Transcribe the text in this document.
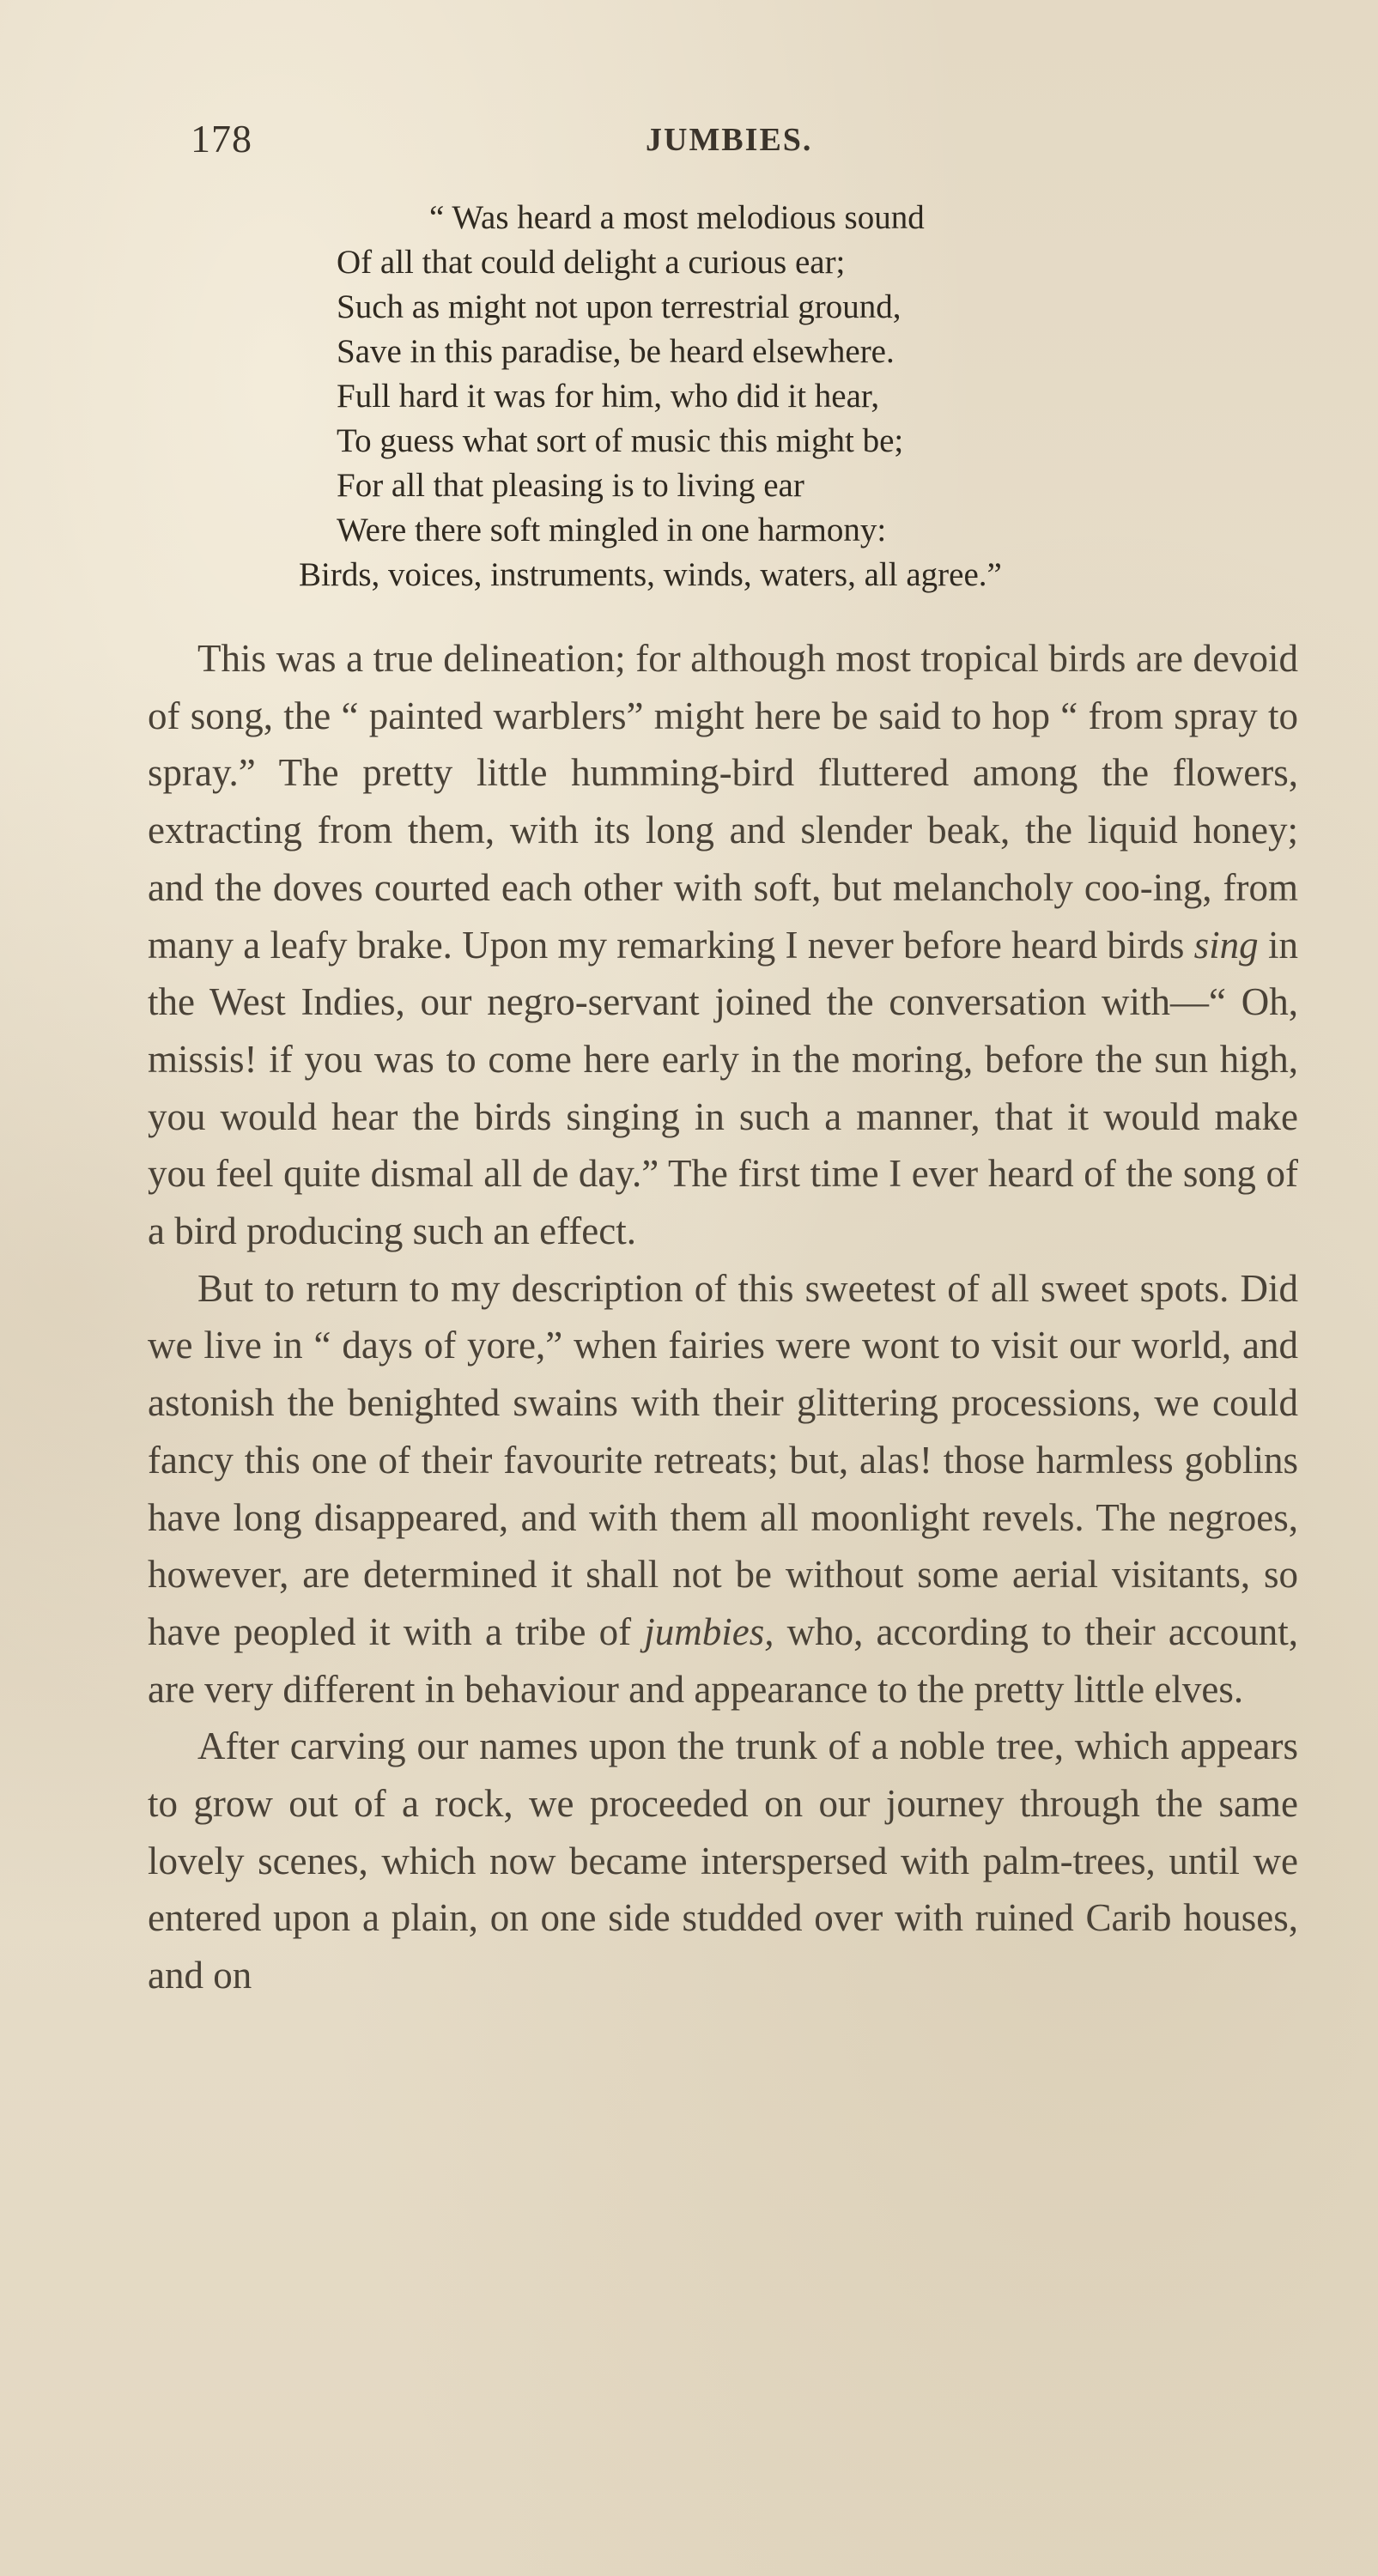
178	JUMBIES.
“ Was heard a most melodious sound
Of all that could delight a curious ear;
Such as might not upon terrestrial ground,
Save in this paradise, be heard elsewhere.
Full hard it was for him, who did it hear,
To guess what sort of music this might be;
For all that pleasing is to living ear
Were there soft mingled in one harmony:
Birds, voices, instruments, winds, waters, all agree.”

This was a true delineation; for although most tropical birds are devoid of song, the “ painted warblers” might here be said to hop “ from spray to spray.” The pretty little humming-bird fluttered among the flowers, extracting from them, with its long and slender beak, the liquid honey; and the doves courted each other with soft, but melancholy coo-ing, from many a leafy brake. Upon my remarking I never before heard birds sing in the West Indies, our negro-servant joined the conversation with—“ Oh, missis! if you was to come here early in the moring, before the sun high, you would hear the birds singing in such a manner, that it would make you feel quite dismal all de day.” The first time I ever heard of the song of a bird producing such an effect.

But to return to my description of this sweetest of all sweet spots. Did we live in “ days of yore,” when fairies were wont to visit our world, and astonish the benighted swains with their glittering processions, we could fancy this one of their favourite retreats; but, alas! those harmless goblins have long disappeared, and with them all moonlight revels. The negroes, however, are determined it shall not be without some aerial visitants, so have peopled it with a tribe of jumbies, who, according to their account, are very different in behaviour and appearance to the pretty little elves.

After carving our names upon the trunk of a noble tree, which appears to grow out of a rock, we proceeded on our journey through the same lovely scenes, which now became interspersed with palm-trees, until we entered upon a plain, on one side studded over with ruined Carib houses, and on
